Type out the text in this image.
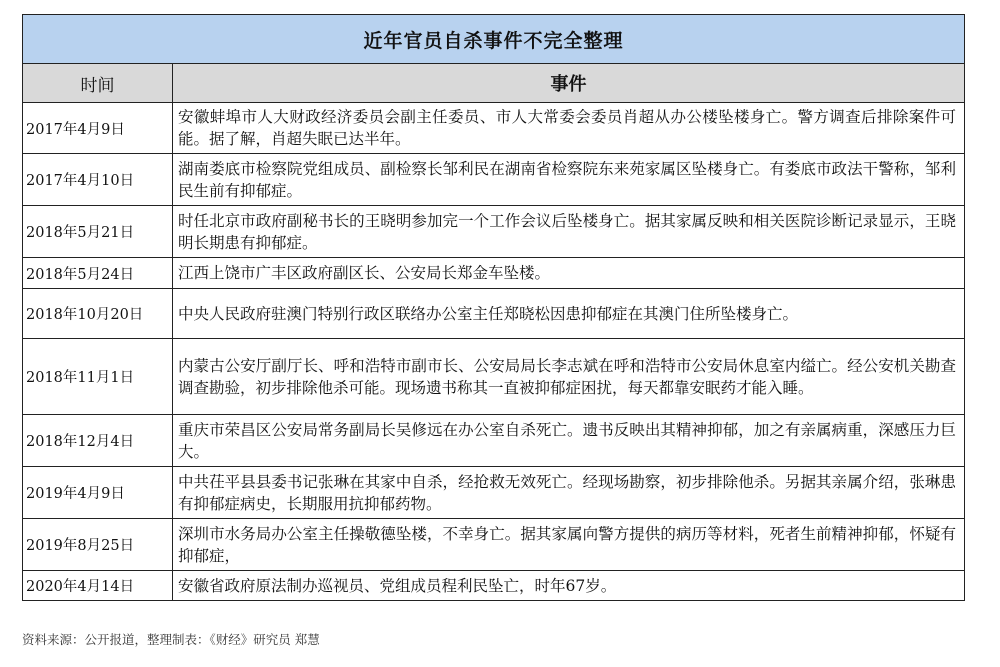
近年官员自杀事件不完全整理	
时间	事件
2017年4月9日	安徽蚌埠市人大财政经济委员会副主任委员、市人大常委会委员肖超从办公楼坠楼身亡。警方调查后排除案件可能。据了解，肖超失眠已达半年。
2017年4月10日	湖南娄底市检察院党组成员、副检察长邹利民在湖南省检察院东来苑家属区坠楼身亡。有娄底市政法干警称，邹利民生前有抑郁症。
2018年5月21日	时任北京市政府副秘书长的王晓明参加完一个工作会议后坠楼身亡。据其家属反映和相关医院诊断记录显示，王晓明长期患有抑郁症。
2018年5月24日	江西上饶市广丰区政府副区长、公安局长郑金车坠楼。
2018年10月20日	中央人民政府驻澳门特别行政区联络办公室主任郑晓松因患抑郁症在其澳门住所坠楼身亡。
2018年11月1日	内蒙古公安厅副厅长、呼和浩特市副市长、公安局局长李志斌在呼和浩特市公安局休息室内缢亡。经公安机关勘查调查勘验，初步排除他杀可能。现场遗书称其一直被抑郁症困扰，每天都靠安眠药才能入睡。
2018年12月4日	重庆市荣昌区公安局常务副局长吴修远在办公室自杀死亡。遗书反映出其精神抑郁，加之有亲属病重，深感压力巨大。
2019年4月9日	中共茌平县县委书记张琳在其家中自杀，经抢救无效死亡。经现场勘察，初步排除他杀。另据其亲属介绍，张琳患有抑郁症病史，长期服用抗抑郁药物。
2019年8月25日	深圳市水务局办公室主任操敬德坠楼，不幸身亡。据其家属向警方提供的病历等材料，死者生前精神抑郁，怀疑有抑郁症，
2020年4月14日	安徽省政府原法制办巡视员、党组成员程利民坠亡，时年67岁。
资料来源：公开报道，整理制表：《财经》研究员 郑慧
